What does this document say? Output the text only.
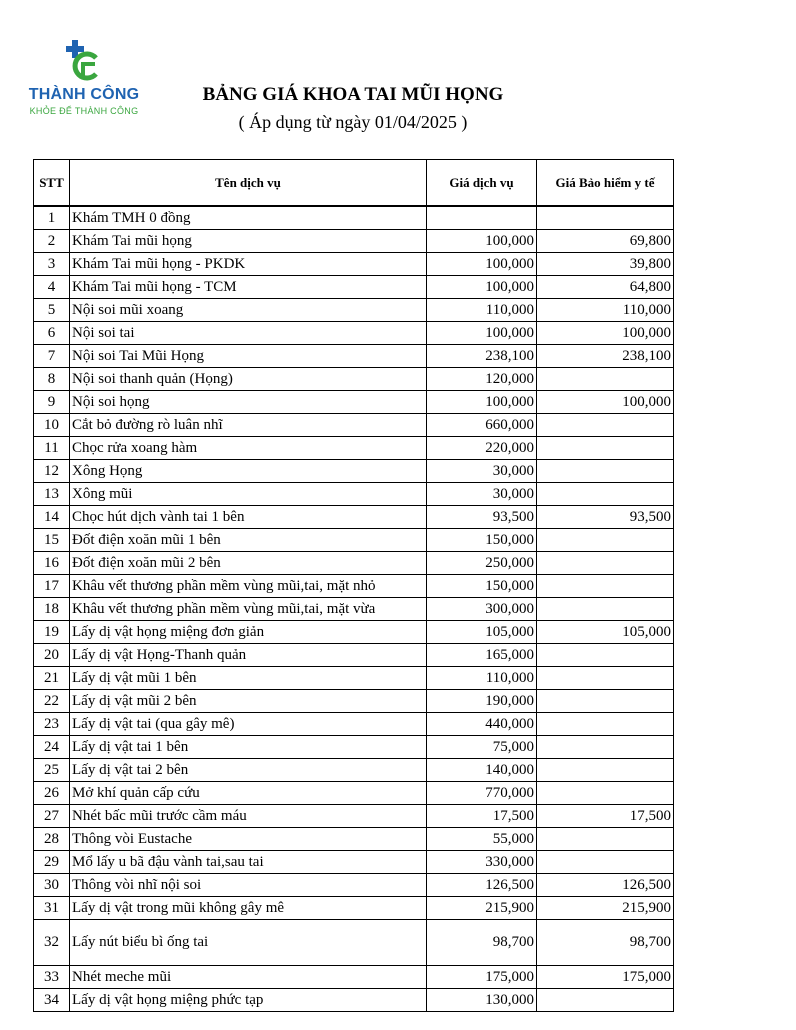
THÀNH CÔNG
KHỎE ĐỂ THÀNH CÔNG
BẢNG GIÁ KHOA TAI MŨI HỌNG
( Áp dụng từ ngày 01/04/2025 )
STT	Tên dịch vụ	Giá dịch vụ	Giá Bảo hiểm y tế
1	Khám TMH 0 đồng		
2	Khám Tai mũi họng	100,000	69,800
3	Khám Tai mũi họng - PKDK	100,000	39,800
4	Khám Tai mũi họng - TCM	100,000	64,800
5	Nội soi mũi xoang	110,000	110,000
6	Nội soi tai	100,000	100,000
7	Nội soi Tai Mũi Họng	238,100	238,100
8	Nội soi thanh quản (Họng)	120,000	
9	Nội soi họng	100,000	100,000
10	Cắt bỏ đường rò luân nhĩ	660,000	
11	Chọc rửa xoang hàm	220,000	
12	Xông Họng	30,000	
13	Xông mũi	30,000	
14	Chọc hút dịch vành tai 1 bên	93,500	93,500
15	Đốt điện xoăn mũi 1 bên	150,000	
16	Đốt điện xoăn mũi 2 bên	250,000	
17	Khâu vết thương phần mềm vùng mũi,tai, mặt nhỏ	150,000	
18	Khâu vết thương phần mềm vùng mũi,tai, mặt vừa	300,000	
19	Lấy dị vật họng miệng đơn giản	105,000	105,000
20	Lấy dị vật Họng-Thanh quản	165,000	
21	Lấy dị vật mũi 1 bên	110,000	
22	Lấy dị vật mũi 2 bên	190,000	
23	Lấy dị vật tai (qua gây mê)	440,000	
24	Lấy dị vật tai 1 bên	75,000	
25	Lấy dị vật tai 2 bên	140,000	
26	Mở khí quản cấp cứu	770,000	
27	Nhét bấc mũi trước cầm máu	17,500	17,500
28	Thông vòi Eustache	55,000	
29	Mổ lấy u bã đậu vành tai,sau tai	330,000	
30	Thông vòi nhĩ nội soi	126,500	126,500
31	Lấy dị vật trong mũi không gây mê	215,900	215,900
32	Lấy nút biểu bì ống tai	98,700	98,700
33	Nhét meche mũi	175,000	175,000
34	Lấy dị vật họng miệng phức tạp	130,000	
